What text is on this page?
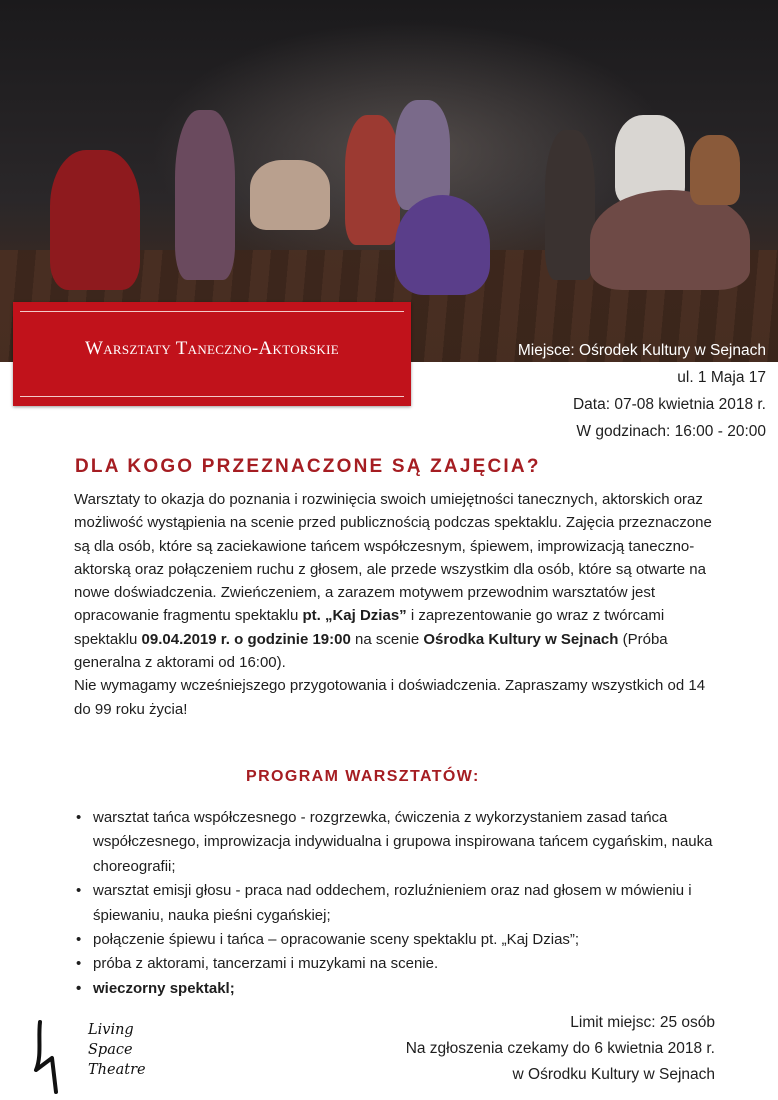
Warsztaty Taneczno-Aktorskie	Miejsce: Ośrodek Kultury w Sejnach
ul. 1 Maja 17
Data: 07-08 kwietnia 2018 r.
W godzinach: 16:00 - 20:00
DLA KOGO PRZEZNACZONE SĄ ZAJĘCIA?
Warsztaty to okazja do poznania i rozwinięcia swoich umiejętności tanecznych, aktorskich oraz możliwość wystąpienia na scenie przed publicznością podczas spektaklu. Zajęcia przeznaczone są dla osób, które są zaciekawione tańcem współczesnym, śpiewem, improwizacją taneczno-aktorską oraz połączeniem ruchu z głosem, ale przede wszystkim dla osób, które są otwarte na nowe doświadczenia. Zwieńczeniem, a zarazem motywem przewodnim warsztatów jest opracowanie fragmentu spektaklu pt. „Kaj Dzias” i zaprezentowanie go wraz z twórcami spektaklu 09.04.2019 r. o godzinie 19:00 na scenie Ośrodka Kultury w Sejnach (Próba generalna z aktorami od 16:00).
Nie wymagamy wcześniejszego przygotowania i doświadczenia. Zapraszamy wszystkich od 14 do 99 roku życia!
PROGRAM WARSZTATÓW:
• warsztat tańca współczesnego - rozgrzewka, ćwiczenia z wykorzystaniem zasad tańca współczesnego, improwizacja indywidualna i grupowa inspirowana tańcem cygańskim, nauka choreografii;
• warsztat emisji głosu - praca nad oddechem, rozluźnieniem oraz nad głosem w mówieniu i śpiewaniu, nauka pieśni cygańskiej;
• połączenie śpiewu i tańca – opracowanie sceny spektaklu pt. „Kaj Dzias”;
• próba z aktorami, tancerzami i muzykami na scenie.
• wieczorny spektakl;
Living
Space
Theatre
Limit miejsc: 25 osób
Na zgłoszenia czekamy do 6 kwietnia 2018 r.
w Ośrodku Kultury w Sejnach
